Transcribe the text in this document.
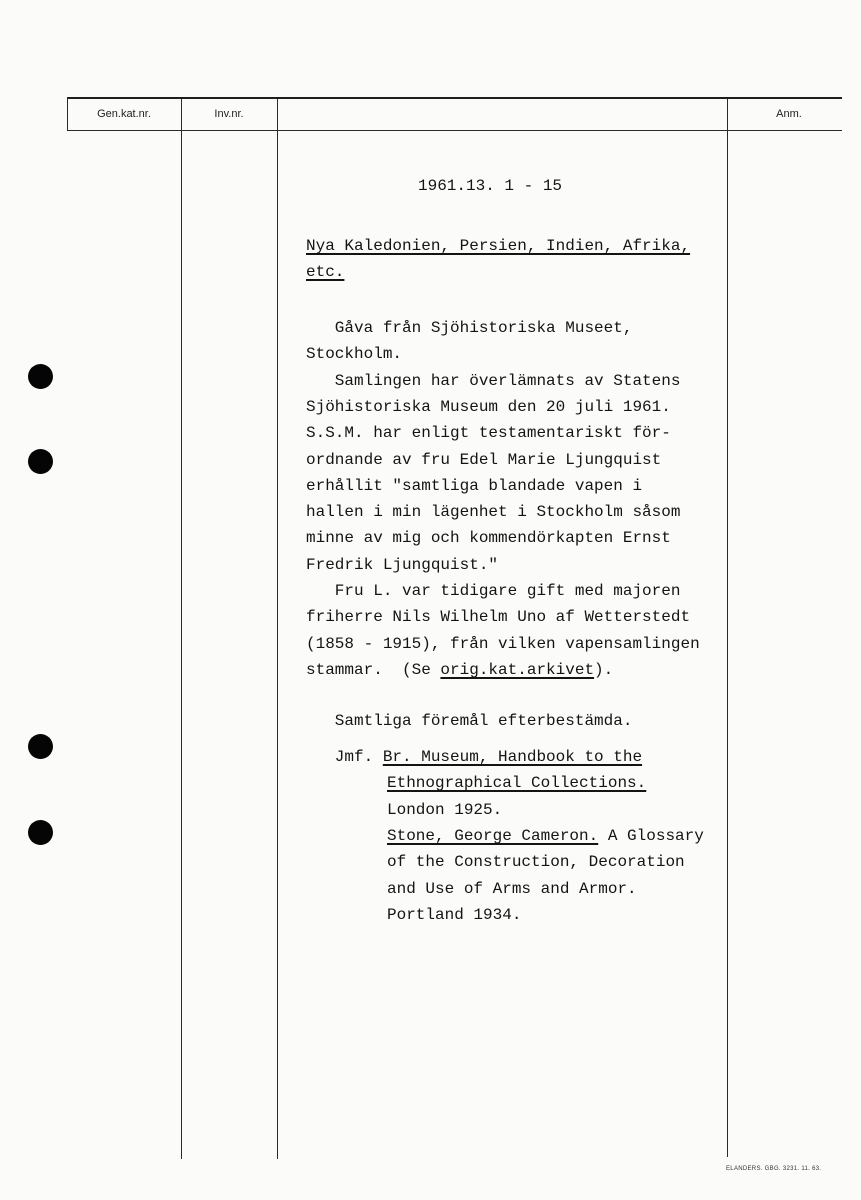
Gen.kat.nr.	Inv.nr.	Anm.
1961.13. 1 - 15
Nya Kaledonien, Persien, Indien, Afrika,
etc.
Gåva från Sjöhistoriska Museet,
Stockholm.
Samlingen har överlämnats av Statens
Sjöhistoriska Museum den 20 juli 1961.
S.S.M. har enligt testamentariskt för-
ordnande av fru Edel Marie Ljungquist
erhållit "samtliga blandade vapen i
hallen i min lägenhet i Stockholm såsom
minne av mig och kommendörkapten Ernst
Fredrik Ljungquist."
Fru L. var tidigare gift med majoren
friherre Nils Wilhelm Uno af Wetterstedt
(1858 - 1915), från vilken vapensamlingen
stammar.  (Se orig.kat.arkivet).
Samtliga föremål efterbestämda.
Jmf. Br. Museum, Handbook to the
Ethnographical Collections.
London 1925.
Stone, George Cameron. A Glossary
of the Construction, Decoration
and Use of Arms and Armor.
Portland 1934.
ELANDERS. GBG. 3231. 11. 63.
